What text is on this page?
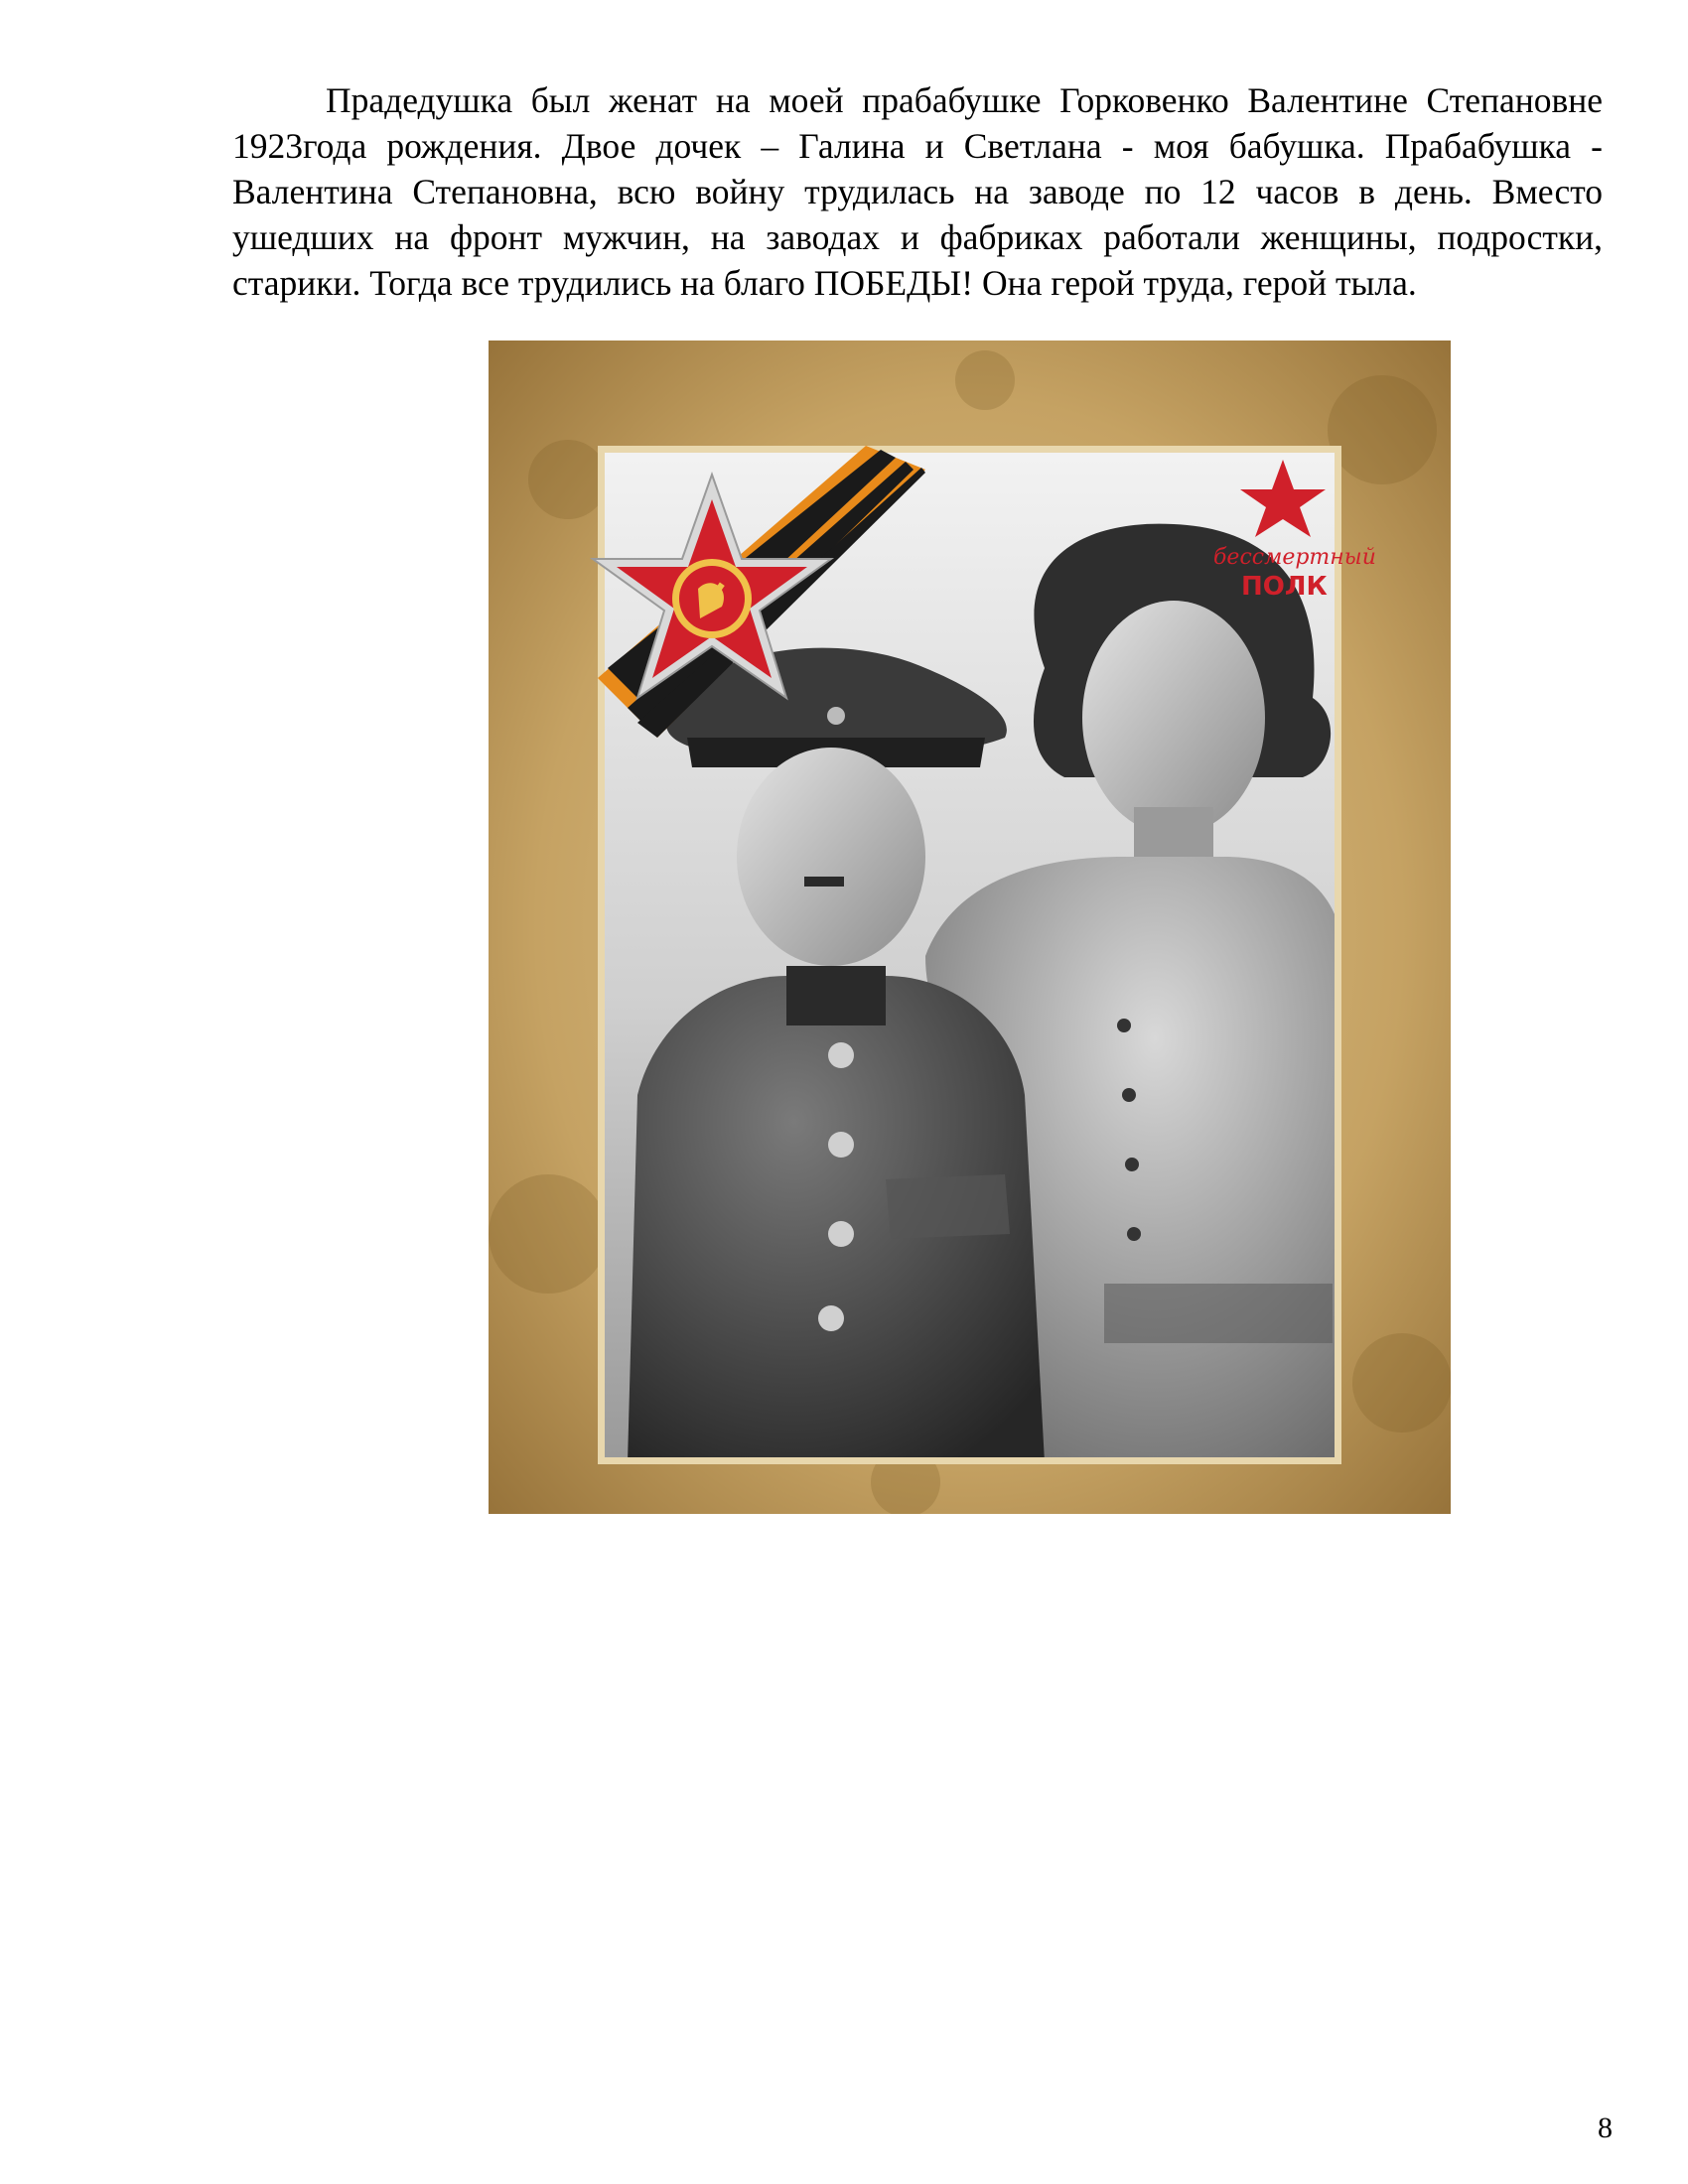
Прадедушка был женат на моей прабабушке Горковенко Валентине Степановне 1923года рождения. Двое дочек – Галина и Светлана - моя бабушка. Прабабушка - Валентина Степановна, всю войну трудилась на заводе по 12 часов в день. Вместо ушедших на фронт мужчин, на заводах и фабриках работали женщины, подростки, старики. Тогда все трудились на благо ПОБЕДЫ! Она герой труда, герой тыла.

бессмертный
ПОЛК
8
